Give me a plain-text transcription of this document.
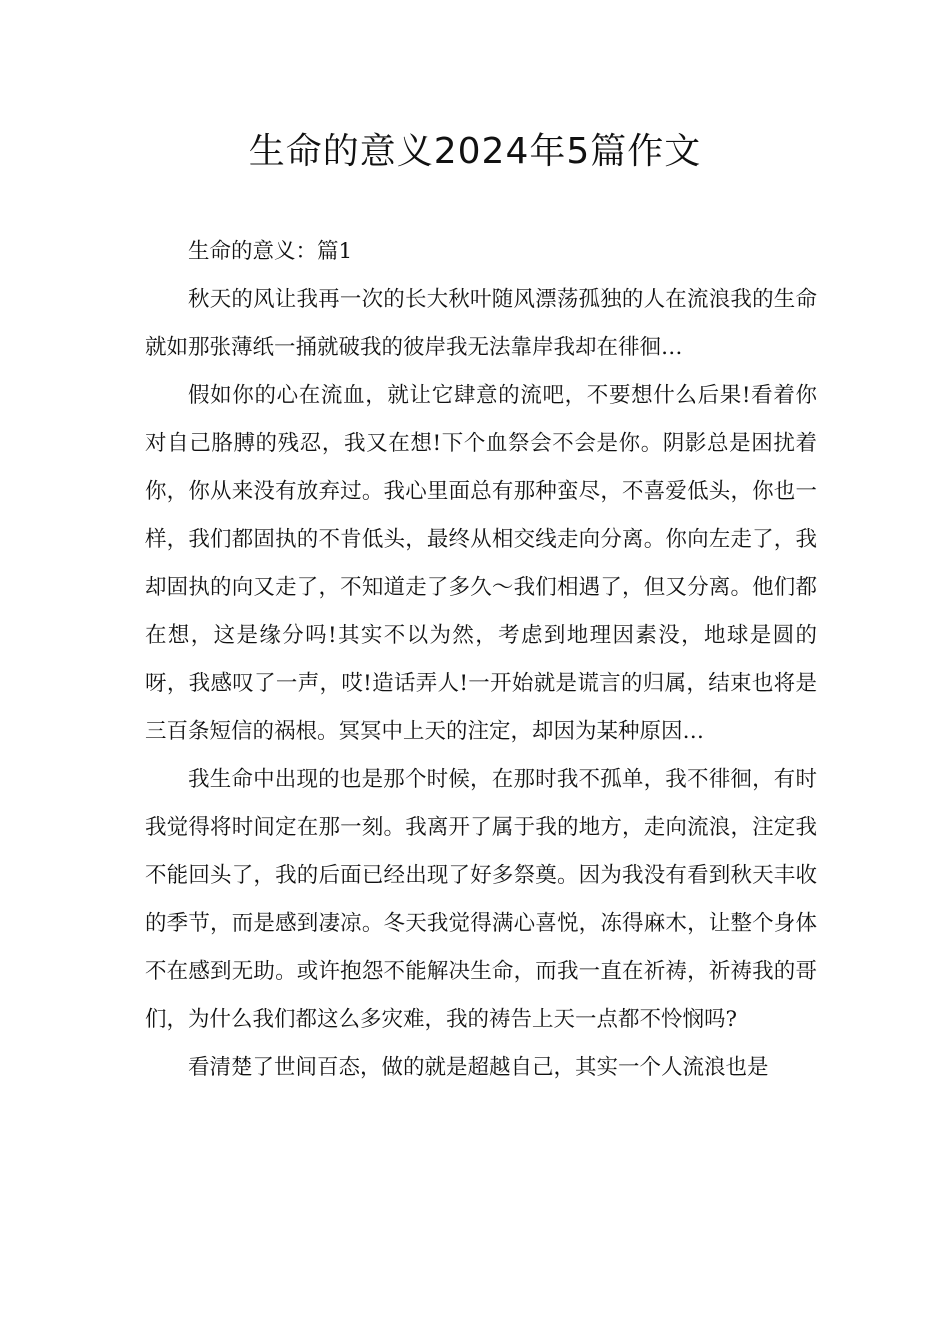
生命的意义2024年5篇作文

生命的意义：篇1

秋天的风让我再一次的长大秋叶随风漂荡孤独的人在流浪我的生命就如那张薄纸一捅就破我的彼岸我无法靠岸我却在徘徊…

假如你的心在流血，就让它肆意的流吧，不要想什么后果!看着你对自己胳膊的残忍，我又在想!下个血祭会不会是你。阴影总是困扰着你，你从来没有放弃过。我心里面总有那种蛮尽，不喜爱低头，你也一样，我们都固执的不肯低头，最终从相交线走向分离。你向左走了，我却固执的向又走了，不知道走了多久～我们相遇了，但又分离。他们都在想，这是缘分吗!其实不以为然，考虑到地理因素没，地球是圆的呀，我感叹了一声，哎!造话弄人!一开始就是谎言的归属，结束也将是三百条短信的祸根。冥冥中上天的注定，却因为某种原因…

我生命中出现的也是那个时候，在那时我不孤单，我不徘徊，有时我觉得将时间定在那一刻。我离开了属于我的地方，走向流浪，注定我不能回头了，我的后面已经出现了好多祭奠。因为我没有看到秋天丰收的季节，而是感到凄凉。冬天我觉得满心喜悦，冻得麻木，让整个身体不在感到无助。或许抱怨不能解决生命，而我一直在祈祷，祈祷我的哥们，为什么我们都这么多灾难，我的祷告上天一点都不怜悯吗?

看清楚了世间百态，做的就是超越自己，其实一个人流浪也是
